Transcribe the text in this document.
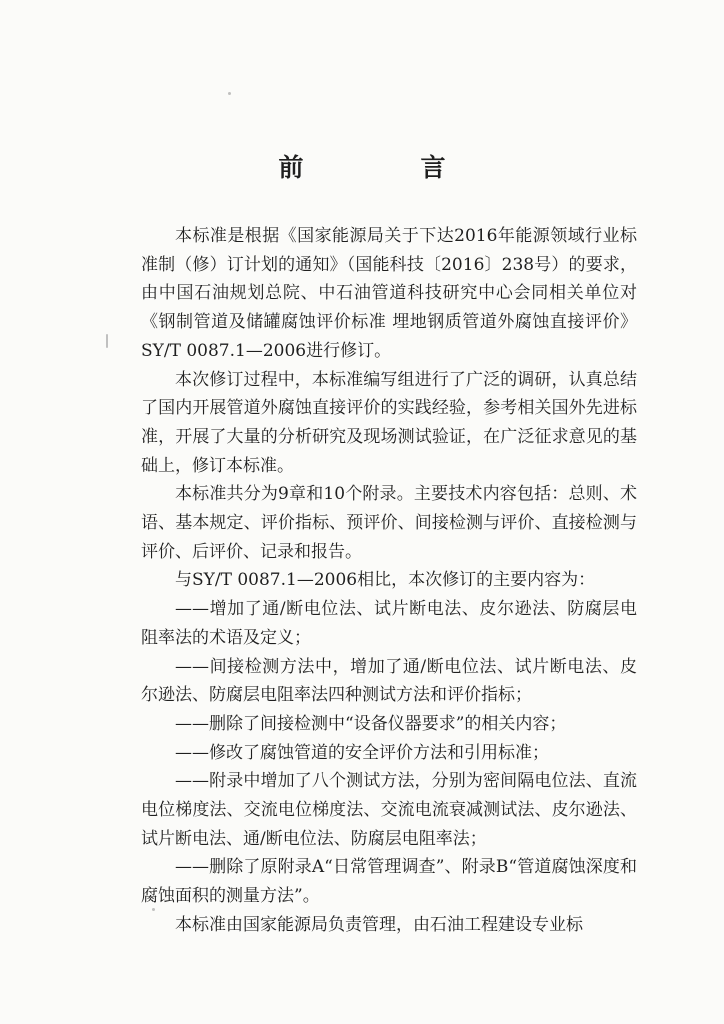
前　言

本标准是根据《国家能源局关于下达2016年能源领域行业标准制（修）订计划的通知》（国能科技〔2016〕238号）的要求，由中国石油规划总院、中石油管道科技研究中心会同相关单位对《钢制管道及储罐腐蚀评价标准 埋地钢质管道外腐蚀直接评价》SY/T 0087.1—2006进行修订。

本次修订过程中，本标准编写组进行了广泛的调研，认真总结了国内开展管道外腐蚀直接评价的实践经验，参考相关国外先进标准，开展了大量的分析研究及现场测试验证，在广泛征求意见的基础上，修订本标准。

本标准共分为9章和10个附录。主要技术内容包括：总则、术语、基本规定、评价指标、预评价、间接检测与评价、直接检测与评价、后评价、记录和报告。

与SY/T 0087.1—2006相比，本次修订的主要内容为：

——增加了通/断电位法、试片断电法、皮尔逊法、防腐层电阻率法的术语及定义；

——间接检测方法中，增加了通/断电位法、试片断电法、皮尔逊法、防腐层电阻率法四种测试方法和评价指标；

——删除了间接检测中“设备仪器要求”的相关内容；

——修改了腐蚀管道的安全评价方法和引用标准；

——附录中增加了八个测试方法，分别为密间隔电位法、直流电位梯度法、交流电位梯度法、交流电流衰减测试法、皮尔逊法、试片断电法、通/断电位法、防腐层电阻率法；

——删除了原附录A“日常管理调查”、附录B“管道腐蚀深度和腐蚀面积的测量方法”。

本标准由国家能源局负责管理，由石油工程建设专业标
